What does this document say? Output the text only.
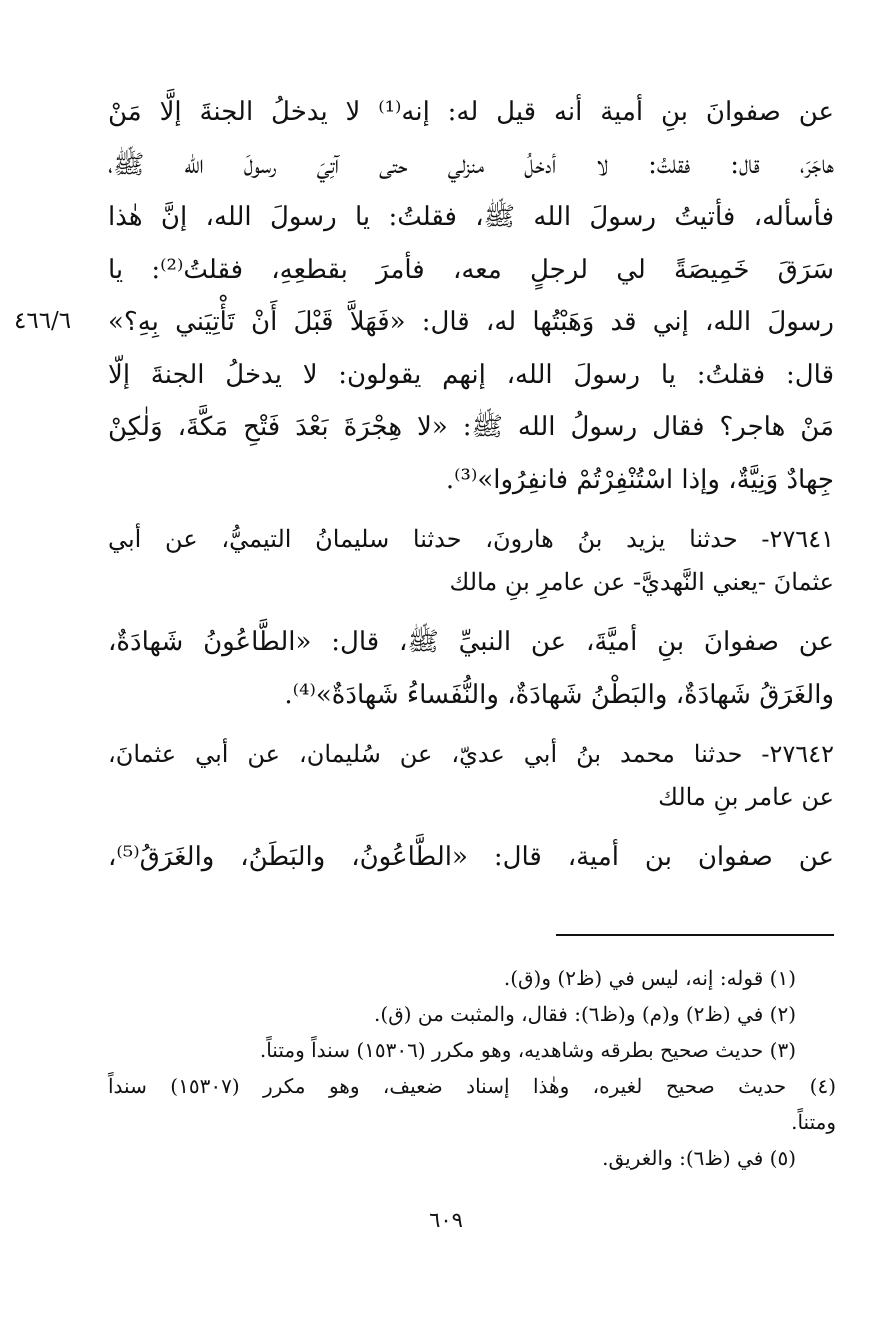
عن صفوانَ بنِ أمية أنه قيل له: إنه⁽¹⁾ لا يدخلُ الجنةَ إلَّا مَنْ
هاجَرَ، قال: فقلتُ: لا أدخلُ منزلي حتى آتِيَ رسولَ الله ﷺ،
فأسأله، فأتيتُ رسولَ الله ﷺ، فقلتُ: يا رسولَ الله، إنَّ هٰذا
سَرَقَ خَمِيصَةً لي لرجلٍ معه، فأمرَ بقطعِهِ، فقلتُ⁽²⁾: يا
رسولَ الله، إني قد وَهَبْتُها له، قال: «فَهَلاَّ قَبْلَ أَنْ تَأْتِيَني بِهِ؟»
قال: فقلتُ: يا رسولَ الله، إنهم يقولون: لا يدخلُ الجنةَ إلّا
مَنْ هاجر؟ فقال رسولُ الله ﷺ: «لا هِجْرَةَ بَعْدَ فَتْحِ مَكَّةَ، وَلٰكِنْ
جِهادٌ وَنِيَّةٌ، وإذا اسْتُنْفِرْتُمْ فانفِرُوا»⁽³⁾.
٢٧٦٤١- حدثنا يزيد بنُ هارونَ، حدثنا سليمانُ التيميُّ، عن أبي
عثمانَ -يعني النَّهديَّ- عن عامرِ بنِ مالك
عن صفوانَ بنِ أميَّةَ، عن النبيِّ ﷺ، قال: «الطَّاعُونُ شَهادَةٌ،
والغَرَقُ شَهادَةٌ، والبَطْنُ شَهادَةٌ، والنُّفَساءُ شَهادَةٌ»⁽⁴⁾.
٢٧٦٤٢- حدثنا محمد بنُ أبي عديّ، عن سُليمان، عن أبي عثمانَ،
عن عامر بنِ مالك
عن صفوان بن أمية، قال: «الطَّاعُونُ، والبَطَنُ، والغَرَقُ⁽⁵⁾،
٤٦٦/٦
(١) قوله: إنه، ليس في (ظ٢) و(ق).
(٢) في (ظ٢) و(م) و(ظ٦): فقال، والمثبت من (ق).
(٣) حديث صحيح بطرقه وشاهديه، وهو مكرر (١٥٣٠٦) سنداً ومتناً.
(٤) حديث صحيح لغيره، وهٰذا إسناد ضعيف، وهو مكرر (١٥٣٠٧) سنداً
ومتناً.
(٥) في (ظ٦): والغريق.
٦٠٩
